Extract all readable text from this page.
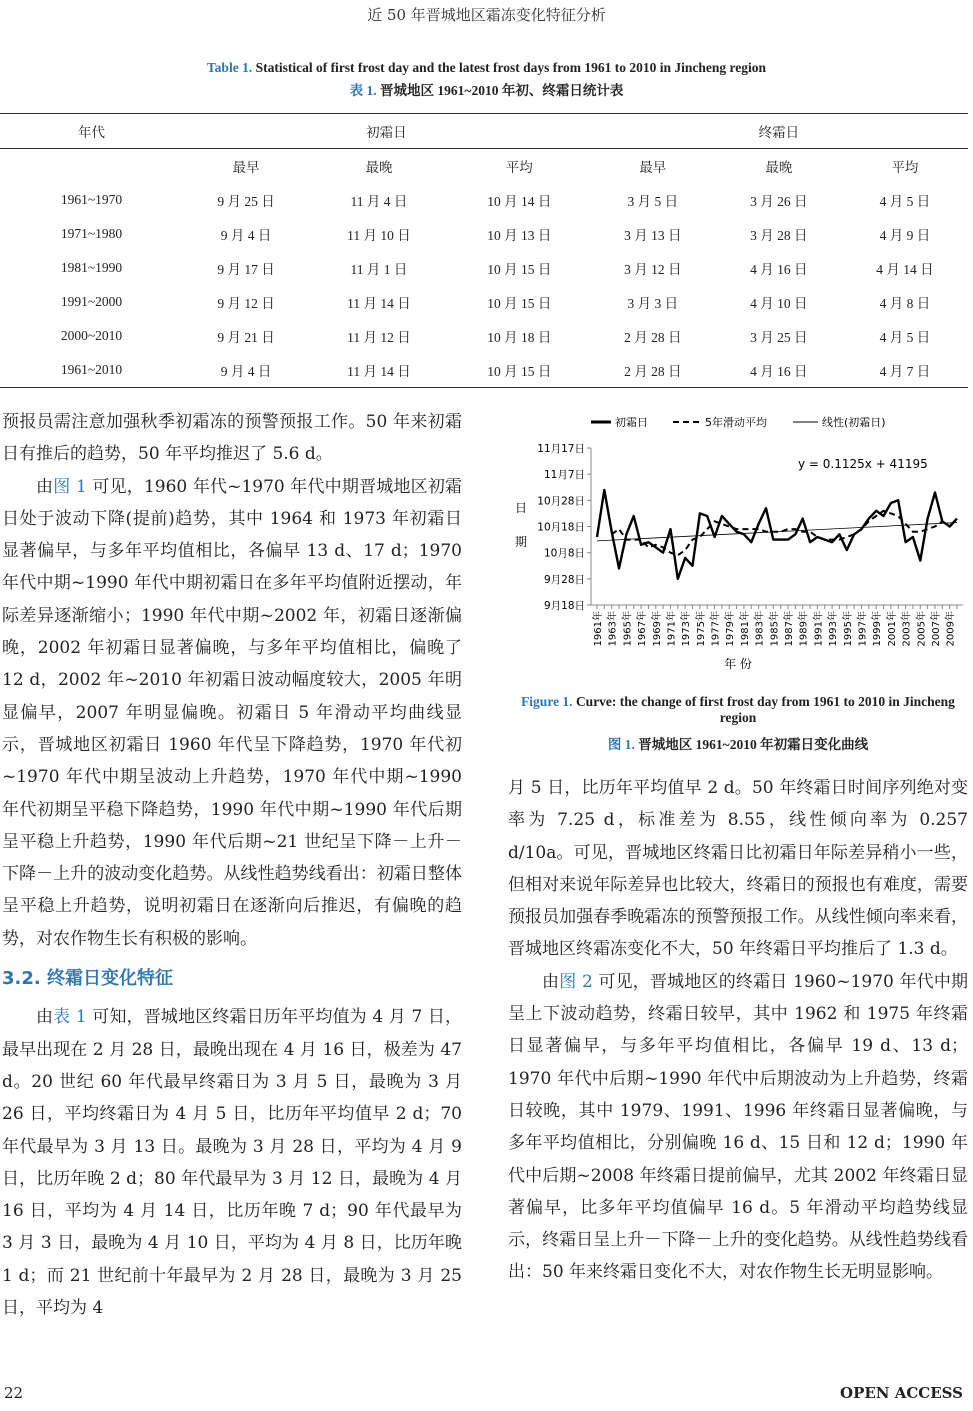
近 50 年晋城地区霜冻变化特征分析
Table 1. Statistical of first frost day and the latest frost days from 1961 to 2010 in Jincheng region
表 1. 晋城地区 1961~2010 年初、终霜日统计表
年代	初霜日			终霜日		
	最早	最晚	平均	最早	最晚	平均
1961~1970	9 月 25 日	11 月 4 日	10 月 14 日	3 月 5 日	3 月 26 日	4 月 5 日
1971~1980	9 月 4 日	11 月 10 日	10 月 13 日	3 月 13 日	3 月 28 日	4 月 9 日
1981~1990	9 月 17 日	11 月 1 日	10 月 15 日	3 月 12 日	4 月 16 日	4 月 14 日
1991~2000	9 月 12 日	11 月 14 日	10 月 15 日	3 月 3 日	4 月 10 日	4 月 8 日
2000~2010	9 月 21 日	11 月 12 日	10 月 18 日	2 月 28 日	3 月 25 日	4 月 5 日
1961~2010	9 月 4 日	11 月 14 日	10 月 15 日	2 月 28 日	4 月 16 日	4 月 7 日

预报员需注意加强秋季初霜冻的预警预报工作。50 年来初霜日有推后的趋势，50 年平均推迟了 5.6 d。

由图 1 可见，1960 年代~1970 年代中期晋城地区初霜日处于波动下降(提前)趋势，其中 1964 和 1973 年初霜日显著偏早，与多年平均值相比，各偏早 13 d、17 d；1970 年代中期~1990 年代中期初霜日在多年平均值附近摆动，年际差异逐渐缩小；1990 年代中期~2002 年，初霜日逐渐偏晚，2002 年初霜日显著偏晚，与多年平均值相比，偏晚了 12 d，2002 年~2010 年初霜日波动幅度较大，2005 年明显偏早，2007 年明显偏晚。初霜日 5 年滑动平均曲线显示，晋城地区初霜日 1960 年代呈下降趋势，1970 年代初~1970 年代中期呈波动上升趋势，1970 年代中期~1990 年代初期呈平稳下降趋势，1990 年代中期~1990 年代后期呈平稳上升趋势，1990 年代后期~21 世纪呈下降－上升－下降－上升的波动变化趋势。从线性趋势线看出：初霜日整体呈平稳上升趋势，说明初霜日在逐渐向后推迟，有偏晚的趋势，对农作物生长有积极的影响。

3.2. 终霜日变化特征

由表 1 可知，晋城地区终霜日历年平均值为 4 月 7 日，最早出现在 2 月 28 日，最晚出现在 4 月 16 日，极差为 47 d。20 世纪 60 年代最早终霜日为 3 月 5 日，最晚为 3 月 26 日，平均终霜日为 4 月 5 日，比历年平均值早 2 d；70 年代最早为 3 月 13 日。最晚为 3 月 28 日，平均为 4 月 9 日，比历年晚 2 d；80 年代最早为 3 月 12 日，最晚为 4 月 16 日，平均为 4 月 14 日，比历年晚 7 d；90 年代最早为 3 月 3 日，最晚为 4 月 10 日，平均为 4 月 8 日，比历年晚 1 d；而 21 世纪前十年最早为 2 月 28 日，最晚为 3 月 25 日，平均为 4

初霜日	5年滑动平均	线性(初霜日)
y = 0.1125x + 41195
日 期
9月18日
9月28日
10月8日
10月18日
10月28日
11月7日
11月17日
1961年 1963年 1965年 1967年 1969年 1971年 1973年 1975年 1977年 1979年 1981年 1983年 1985年 1987年 1989年 1991年 1993年 1995年 1997年 1999年 2001年 2003年 2005年 2007年 2009年
年 份
Figure 1. Curve: the change of first frost day from 1961 to 2010 in Jincheng region
图 1. 晋城地区 1961~2010 年初霜日变化曲线

月 5 日，比历年平均值早 2 d。50 年终霜日时间序列绝对变率为 7.25 d，标准差为 8.55，线性倾向率为 0.257 d/10a。可见，晋城地区终霜日比初霜日年际差异稍小一些，但相对来说年际差异也比较大，终霜日的预报也有难度，需要预报员加强春季晚霜冻的预警预报工作。从线性倾向率来看，晋城地区终霜冻变化不大，50 年终霜日平均推后了 1.3 d。

由图 2 可见，晋城地区的终霜日 1960~1970 年代中期呈上下波动趋势，终霜日较早，其中 1962 和 1975 年终霜日显著偏早，与多年平均值相比，各偏早 19 d、13 d；1970 年代中后期~1990 年代中后期波动为上升趋势，终霜日较晚，其中 1979、1991、1996 年终霜日显著偏晚，与多年平均值相比，分别偏晚 16 d、15 日和 12 d；1990 年代中后期~2008 年终霜日提前偏早，尤其 2002 年终霜日显著偏早，比多年平均值偏早 16 d。5 年滑动平均趋势线显示，终霜日呈上升－下降－上升的变化趋势。从线性趋势线看出：50 年来终霜日变化不大，对农作物生长无明显影响。

22	OPEN ACCESS
